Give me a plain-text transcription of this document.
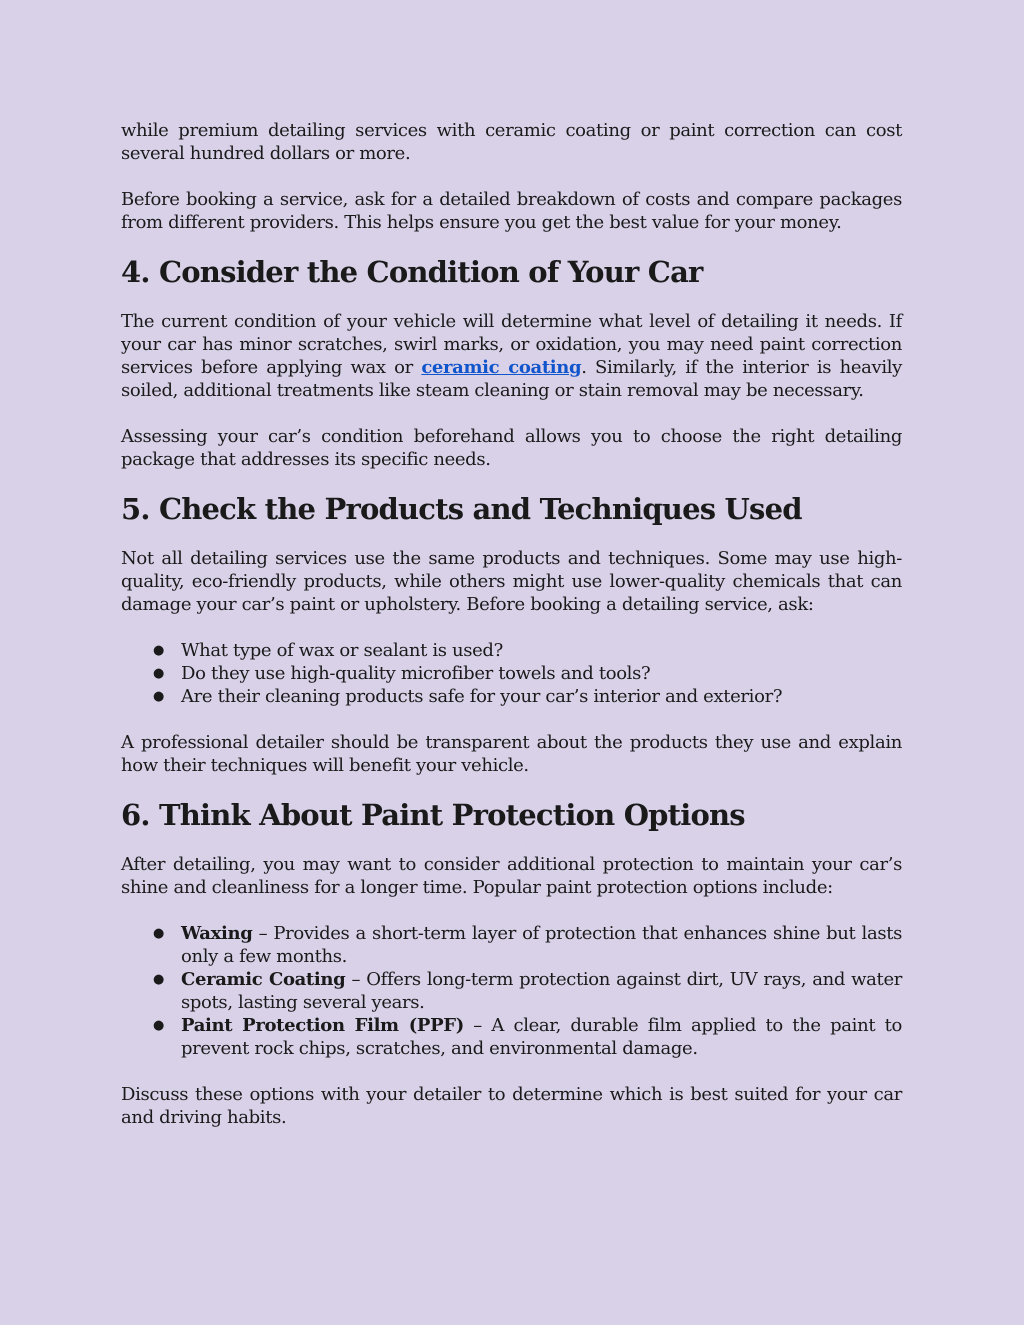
while premium detailing services with ceramic coating or paint correction can cost several hundred dollars or more.

Before booking a service, ask for a detailed breakdown of costs and compare packages from different providers. This helps ensure you get the best value for your money.

4. Consider the Condition of Your Car

The current condition of your vehicle will determine what level of detailing it needs. If your car has minor scratches, swirl marks, or oxidation, you may need paint correction services before applying wax or ceramic coating. Similarly, if the interior is heavily soiled, additional treatments like steam cleaning or stain removal may be necessary.

Assessing your car’s condition beforehand allows you to choose the right detailing package that addresses its specific needs.

5. Check the Products and Techniques Used

Not all detailing services use the same products and techniques. Some may use high-quality, eco-friendly products, while others might use lower-quality chemicals that can damage your car’s paint or upholstery. Before booking a detailing service, ask:

● What type of wax or sealant is used?
● Do they use high-quality microfiber towels and tools?
● Are their cleaning products safe for your car’s interior and exterior?

A professional detailer should be transparent about the products they use and explain how their techniques will benefit your vehicle.

6. Think About Paint Protection Options

After detailing, you may want to consider additional protection to maintain your car’s shine and cleanliness for a longer time. Popular paint protection options include:

● Waxing – Provides a short-term layer of protection that enhances shine but lasts only a few months.
● Ceramic Coating – Offers long-term protection against dirt, UV rays, and water spots, lasting several years.
● Paint Protection Film (PPF) – A clear, durable film applied to the paint to prevent rock chips, scratches, and environmental damage.

Discuss these options with your detailer to determine which is best suited for your car and driving habits.
